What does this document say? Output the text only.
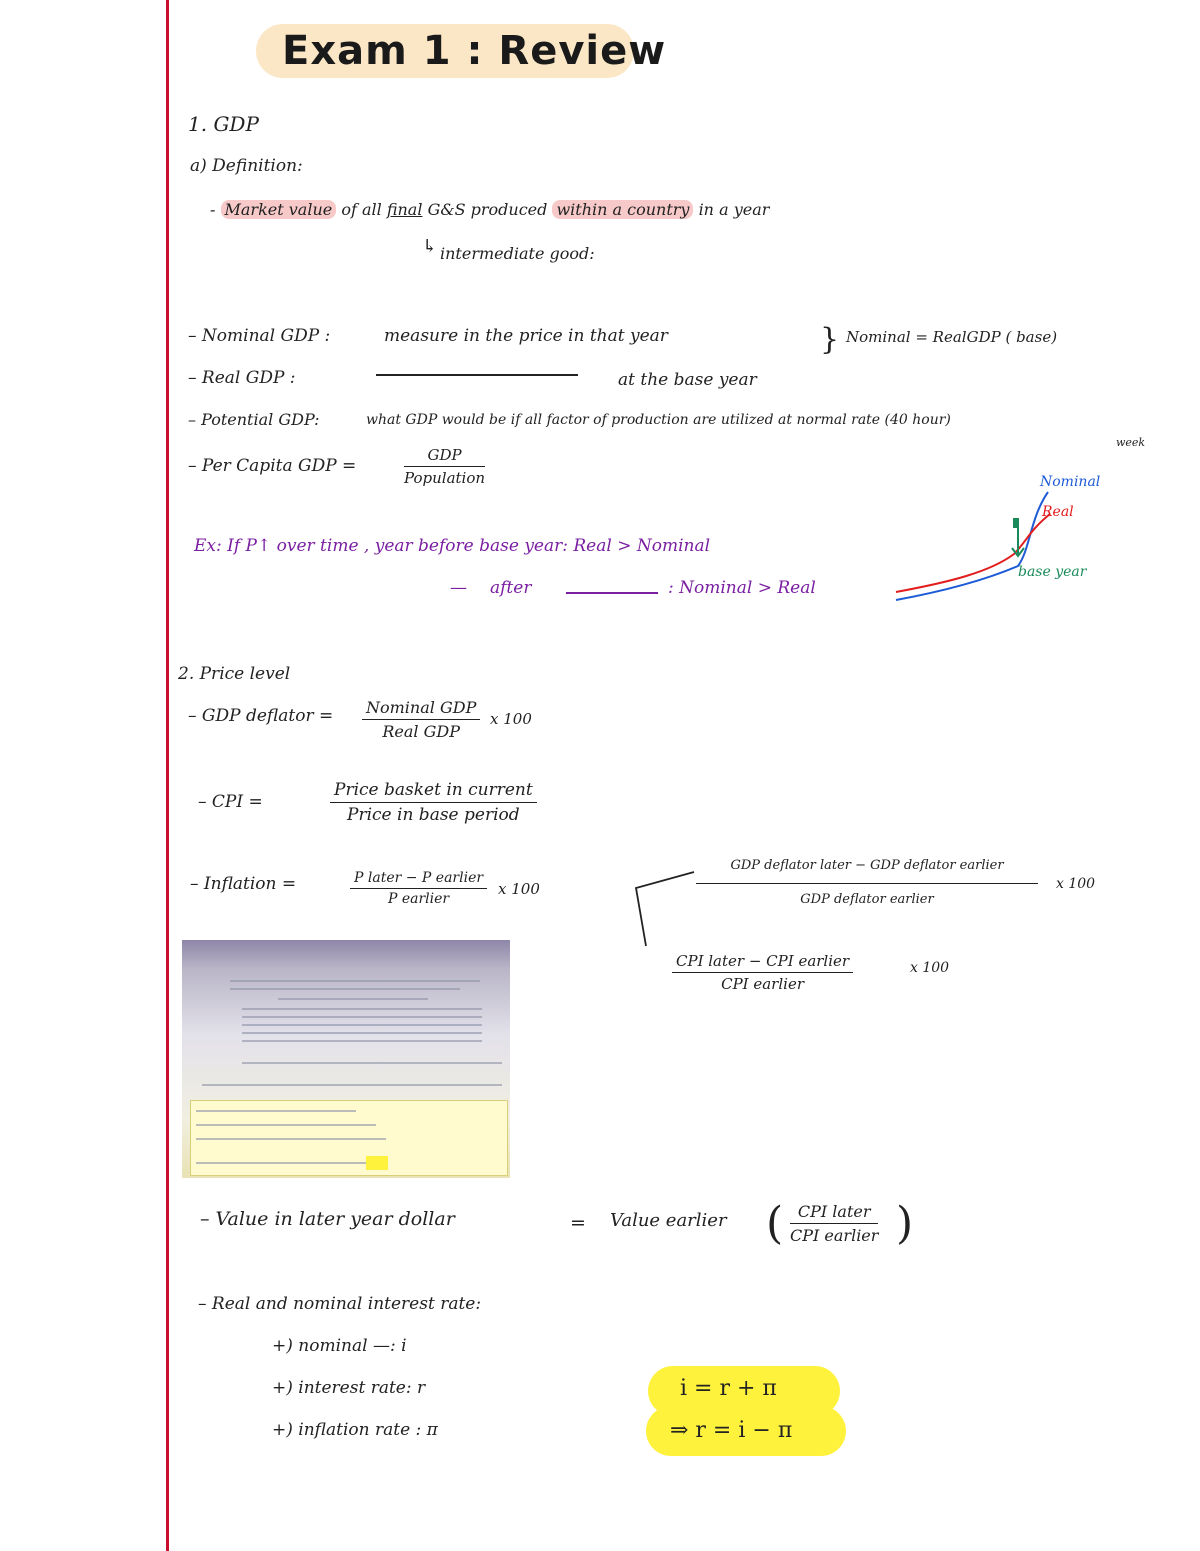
Exam 1 : Review
1. GDP
a) Definition:
- Market value of all final G&S produced within a country in a year
↳ intermediate good:
– Nominal GDP :	measure in the price in that year	} Nominal = RealGDP ( base)
– Real GDP :	at the base year
– Potential GDP:	what GDP would be if all factor of production are utilized at normal rate (40 hour)
week
– Per Capita GDP =
GDP
Population
Ex: If P↑ over time , year before base year: Real > Nominal
— after	: Nominal > Real
Nominal
Real
base year
2. Price level
– GDP deflator = Nominal GDP
Real GDP
x 100
– CPI =
Price basket in current
Price in base period
– Inflation =	P later − P earlier
P earlier
x 100
GDP deflator later − GDP deflator earlier
GDP deflator earlier
x 100
CPI later − CPI earlier
CPI earlier
x 100
– Value in later year dollar	= Value earlier ( CPI later
CPI earlier )
– Real and nominal interest rate:
+) nominal —: i
+) interest rate: r
+) inflation rate : π
i = r + π
⇒ r = i − π
